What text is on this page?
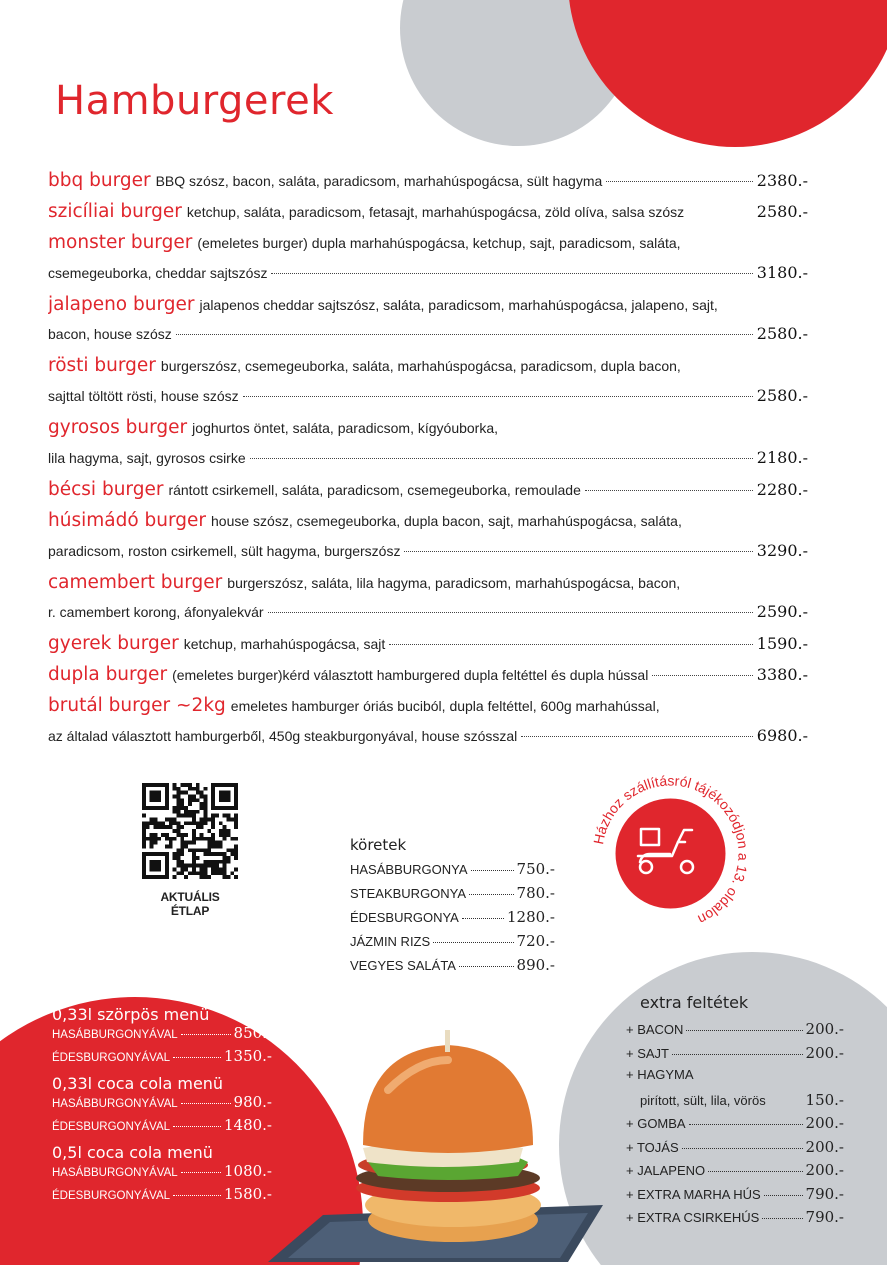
Hamburgerek
bbq burger BBQ szósz, bacon, saláta, paradicsom, marhahúspogácsa, sült hagyma	2380.-
szicíliai burger ketchup, saláta, paradicsom, fetasajt, marhahúspogácsa, zöld olíva, salsa szósz	2580.-
monster burger (emeletes burger) dupla marhahúspogácsa, ketchup, sajt, paradicsom, saláta,
csemegeuborka, cheddar sajtszósz	3180.-
jalapeno burger jalapenos cheddar sajtszósz, saláta, paradicsom, marhahúspogácsa, jalapeno, sajt,
bacon, house szósz	2580.-
rösti burger burgerszósz, csemegeuborka, saláta, marhahúspogácsa, paradicsom, dupla bacon,
sajttal töltött rösti, house szósz	2580.-
gyrosos burger joghurtos öntet, saláta, paradicsom, kígyóuborka,
lila hagyma, sajt, gyrosos csirke	2180.-
bécsi burger rántott csirkemell, saláta, paradicsom, csemegeuborka, remoulade	2280.-
húsimádó burger house szósz, csemegeuborka, dupla bacon, sajt, marhahúspogácsa, saláta,
paradicsom, roston csirkemell, sült hagyma, burgerszósz	3290.-
camembert burger burgerszósz, saláta, lila hagyma, paradicsom, marhahúspogácsa, bacon,
r. camembert korong, áfonyalekvár	2590.-
gyerek burger ketchup, marhahúspogácsa, sajt	1590.-
dupla burger (emeletes burger)kérd választott hamburgered dupla feltéttel és dupla hússal	3380.-
brutál burger ~2kg emeletes hamburger óriás buciból, dupla feltéttel, 600g marhahússal,
az általad választott hamburgerből, 450g steakburgonyával, house szósszal	6980.-
AKTUÁLIS ÉTLAP
Házhoz szállításról tájékozódjon a 13. oldalon
köretek
HASÁBBURGONYA	750.-
STEAKBURGONYA	780.-
ÉDESBURGONYA	1280.-
JÁZMIN RIZS	720.-
VEGYES SALÁTA	890.-
menük
0,33l szörpös menü
HASÁBBURGONYÁVAL	850.-
ÉDESBURGONYÁVAL	1350.-
0,33l coca cola menü
HASÁBBURGONYÁVAL	980.-
ÉDESBURGONYÁVAL	1480.-
0,5l coca cola menü
HASÁBBURGONYÁVAL	1080.-
ÉDESBURGONYÁVAL	1580.-
extra feltétek
+ BACON	200.-
+ SAJT	200.-
+ HAGYMA
pirított, sült, lila, vörös	150.-
+ GOMBA	200.-
+ TOJÁS	200.-
+ JALAPENO	200.-
+ EXTRA MARHA HÚS	790.-
+ EXTRA CSIRKEHÚS	790.-
